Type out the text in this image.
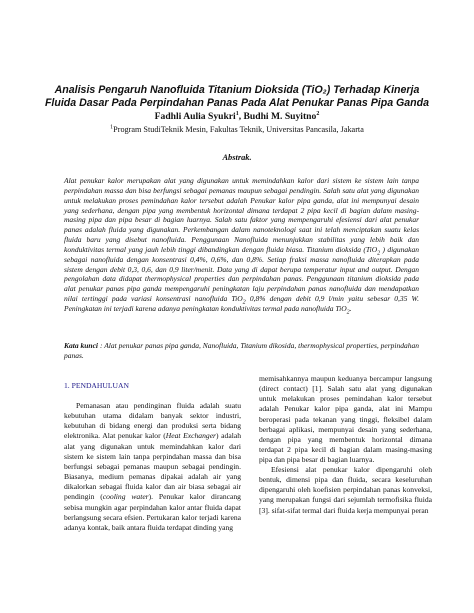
Analisis Pengaruh Nanofluida Titanium Dioksida (TiO₂) Terhadap Kinerja Fluida Dasar Pada Perpindahan Panas Pada Alat Penukar Panas Pipa Ganda
Fadhli Aulia Syukri$^1$, Budhi M. Suyitno$^2$
$^1$Program StudiTeknik Mesin, Fakultas Teknik, Universitas Pancasila, Jakarta
Abstrak.

Alat penukar kalor merupakan alat yang digunakan untuk memindahkan kalor dari sistem ke sistem lain tanpa perpindahan massa dan bisa berfungsi sebagai pemanas maupun sebagai pendingin. Salah satu alat yang digunakan untuk melakukan proses pemindahan kalor tersebut adalah Penukar kalor pipa ganda, alat ini mempunyai desain yang sederhana, dengan pipa yang membentuk horizontal dimana terdapat 2 pipa kecil di bagian dalam masing-masing pipa dan pipa besar di bagian luarnya. Salah satu faktor yang mempengaruhi efesiensi dari alat penukar panas adalah fluida yang digunakan. Perkembangan dalam nanoteknologi saat ini telah menciptakan suatu kelas fluida baru yang disebut nanofluida. Penggunaan Nanofluida menunjukkan stabilitas yang lebih baik dan konduktivitas termal yang jauh lebih tinggi dibandingkan dengan fluida biasa. Titanium dioksida (TiO$_2$ ) digunakan sebagai nanofluida dengan konsentrasi 0,4%, 0,6%, dan 0,8%. Setiap fraksi massa nanofluida diterapkan pada sistem dengan debit 0,3, 0,6, dan 0,9 liter/menit. Data yang di dapat berupa temperatur input and output. Dengan pengolahan data didapat thermophysical properties dan perpindahan panas. Penggunaan titanium dioksida pada alat penukar panas pipa ganda mempengaruhi peningkatan laju perpindahan panas nanofluida dan mendapatkan nilai tertinggi pada variasi konsentrasi nanofluida TiO$_2$ 0,8% dengan debit 0,9 l/min yaitu sebesar 0,35 W. Peningkatan ini terjadi karena adanya peningkatan konduktivitas termal pada nanofluida TiO$_2$.

Kata kunci : Alat penukar panas pipa ganda, Nanofluida, Titanium dikosida, thermophysical properties, perpindahan panas.

1. PENDAHULUAN

Pemanasan atau pendinginan fluida adalah suatu kebutuhan utama didalam banyak sektor industri, kebutuhan di bidang energi dan produksi serta bidang elektronika. Alat penukar kalor (Heat Exchanger) adalah alat yang digunakan untuk memindahkan kalor dari sistem ke sistem lain tanpa perpindahan massa dan bisa berfungsi sebagai pemanas maupun sebagai pendingin. Biasanya, medium pemanas dipakai adalah air yang dikalorkan sebagai fluida kalor dan air biasa sebagai air pendingin (cooling water). Penukar kalor dirancang sebisa mungkin agar perpindahan kalor antar fluida dapat berlangsung secara efsien. Pertukaran kalor terjadi karena adanya kontak, baik antara fluida terdapat dinding yang

memisahkannya maupun keduanya bercampur langsung (direct contact) [1]. Salah satu alat yang digunakan untuk melakukan proses pemindahan kalor tersebut adalah Penukar kalor pipa ganda, alat ini Mampu beroperasi pada tekanan yang tinggi, fleksibel dalam berbagai aplikasi, mempunyai desain yang sederhana, dengan pipa yang membentuk horizontal dimana terdapat 2 pipa kecil di bagian dalam masing-masing pipa dan pipa besar di bagian luarnya.

Efesiensi alat penukar kalor dipengaruhi oleh bentuk, dimensi pipa dan fluida, secara keseluruhan dipengaruhi oleh koefisien perpindahan panas konveksi, yang merupakan fungsi dari sejumlah termofisika fluida [3]. sifat-sifat termal dari fluida kerja mempunyai peran
